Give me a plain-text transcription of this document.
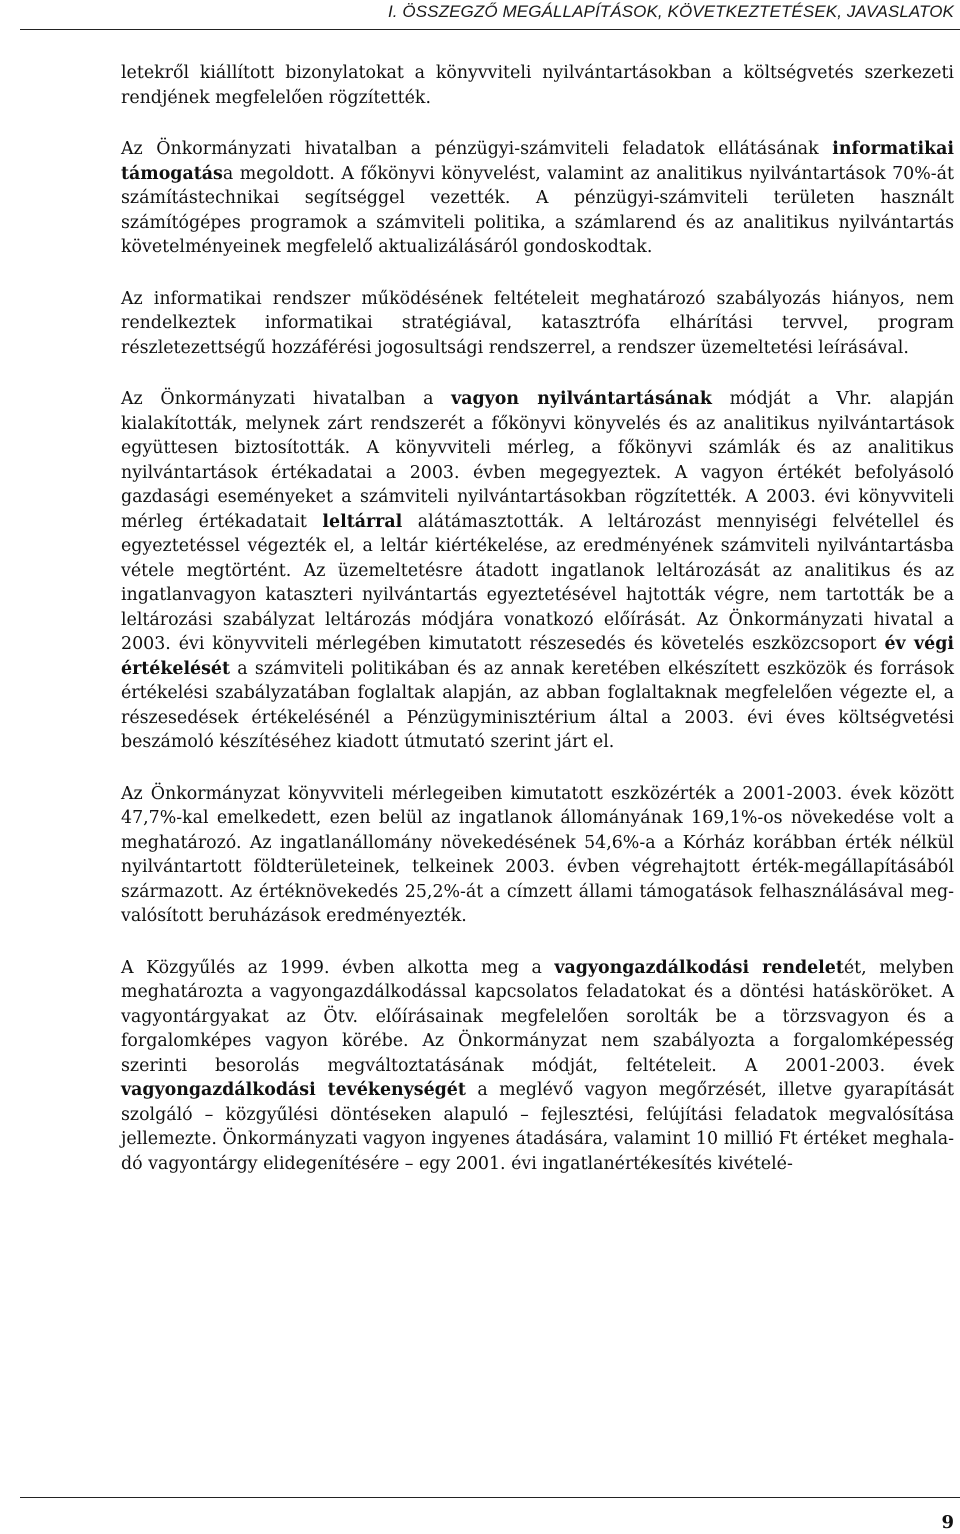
I. ÖSSZEGZŐ MEGÁLLAPÍTÁSOK, KÖVETKEZTETÉSEK, JAVASLATOK

letekről kiállított bizonylatokat a könyvviteli nyilvántartásokban a költségvetés szerkezeti rendjének megfelelően rögzítették.

Az Önkormányzati hivatalban a pénzügyi-számviteli feladatok ellátásának informatikai támogatása megoldott. A főkönyvi könyvelést, valamint az analitikus nyilvántartások 70%-át számítástechnikai segítséggel vezették. A pénzügyi-számviteli területen használt számítógépes programok a számviteli politika, a számlarend és az analitikus nyilvántartás követelményeinek megfelelő aktualizálásáról gondoskodtak.

Az informatikai rendszer működésének feltételeit meghatározó szabályozás hiányos, nem rendelkeztek informatikai stratégiával, katasztrófa elhárítási tervvel, program részletezettségű hozzáférési jogosultsági rendszerrel, a rendszer üzemeltetési leírásával.

Az Önkormányzati hivatalban a vagyon nyilvántartásának módját a Vhr. alapján kialakították, melynek zárt rendszerét a főkönyvi könyvelés és az analitikus nyilvántartások együttesen biztosították. A könyvviteli mérleg, a főkönyvi számlák és az analitikus nyilvántartások értékadatai a 2003. évben megegyeztek. A vagyon értékét befolyásoló gazdasági eseményeket a számviteli nyilvántartásokban rögzítették. A 2003. évi könyvviteli mérleg értékadatait leltárral alátámasztották. A leltározást mennyiségi felvétellel és egyeztetéssel végezték el, a leltár kiértékelése, az eredményének számviteli nyilvántartásba vétele megtörtént. Az üzemeltetésre átadott ingatlanok leltározását az analitikus és az ingatlanvagyon kataszteri nyilvántartás egyeztetésével hajtották végre, nem tartották be a leltározási szabályzat leltározás módjára vonatkozó előírását. Az Önkormányzati hivatal a 2003. évi könyvviteli mérlegében kimutatott részesedés és követelés eszközcsoport év végi értékelését a számviteli politikában és az annak keretében elkészített eszközök és források értékelési szabályzatában foglaltak alapján, az abban foglaltaknak megfelelően végezte el, a részesedések értékelésénél a Pénzügyminisztérium által a 2003. évi éves költségvetési beszámoló készítéséhez kiadott útmutató szerint járt el.

Az Önkormányzat könyvviteli mérlegeiben kimutatott eszközérték a 2001-2003. évek között 47,7%-kal emelkedett, ezen belül az ingatlanok állományának 169,1%-os növekedése volt a meghatározó. Az ingatlanállomány növekedésének 54,6%-a a Kórház korábban érték nélkül nyilvántartott földterületeinek, telkeinek 2003. évben végrehajtott érték-megállapításából származott. Az értéknövekedés 25,2%-át a címzett állami támogatások felhasználásával megvalósított beruházások eredményezték.

A Közgyűlés az 1999. évben alkotta meg a vagyongazdálkodási rendeletét, melyben meghatározta a vagyongazdálkodással kapcsolatos feladatokat és a döntési hatásköröket. A vagyontárgyakat az Ötv. előírásainak megfelelően sorolták be a törzsvagyon és a forgalomképes vagyon körébe. Az Önkormányzat nem szabályozta a forgalomképesség szerinti besorolás megváltoztatásának módját, feltételeit. A 2001-2003. évek vagyongazdálkodási tevékenységét a meglévő vagyon megőrzését, illetve gyarapítását szolgáló – közgyűlési döntéseken alapuló – fejlesztési, felújítási feladatok megvalósítása jellemezte. Önkormányzati vagyon ingyenes átadására, valamint 10 millió Ft értéket meghaladó vagyontárgy elidegenítésére – egy 2001. évi ingatlanértékesítés kivételé-

9
